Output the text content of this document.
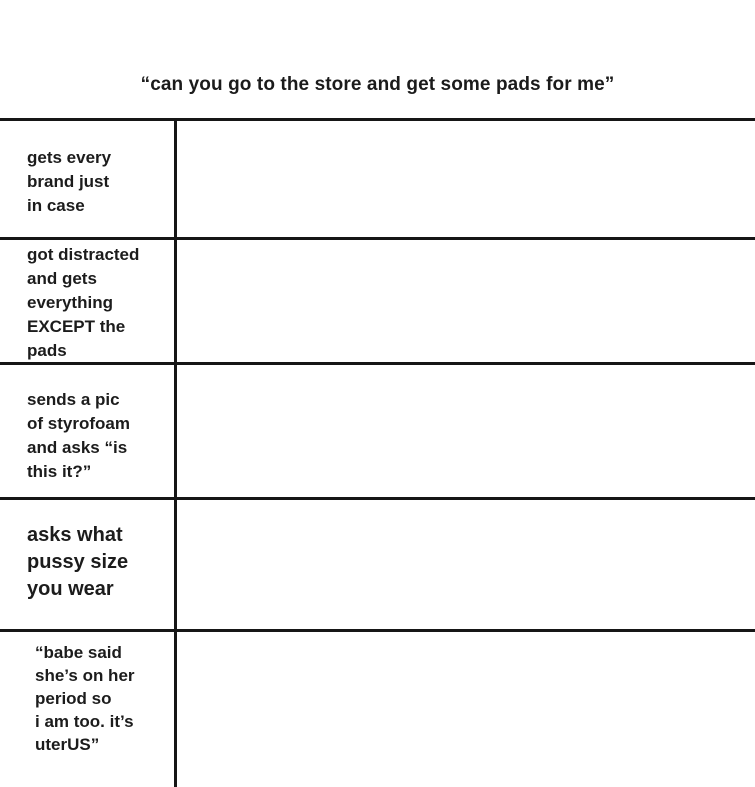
“can you go to the store and get some pads for me”
gets every
brand just
in case
got distracted
and gets
everything
EXCEPT the
pads
sends a pic
of styrofoam
and asks “is
this it?”
asks what
pussy size
you wear
“babe said
she’s on her
period so
i am too. it’s
uterUS”
